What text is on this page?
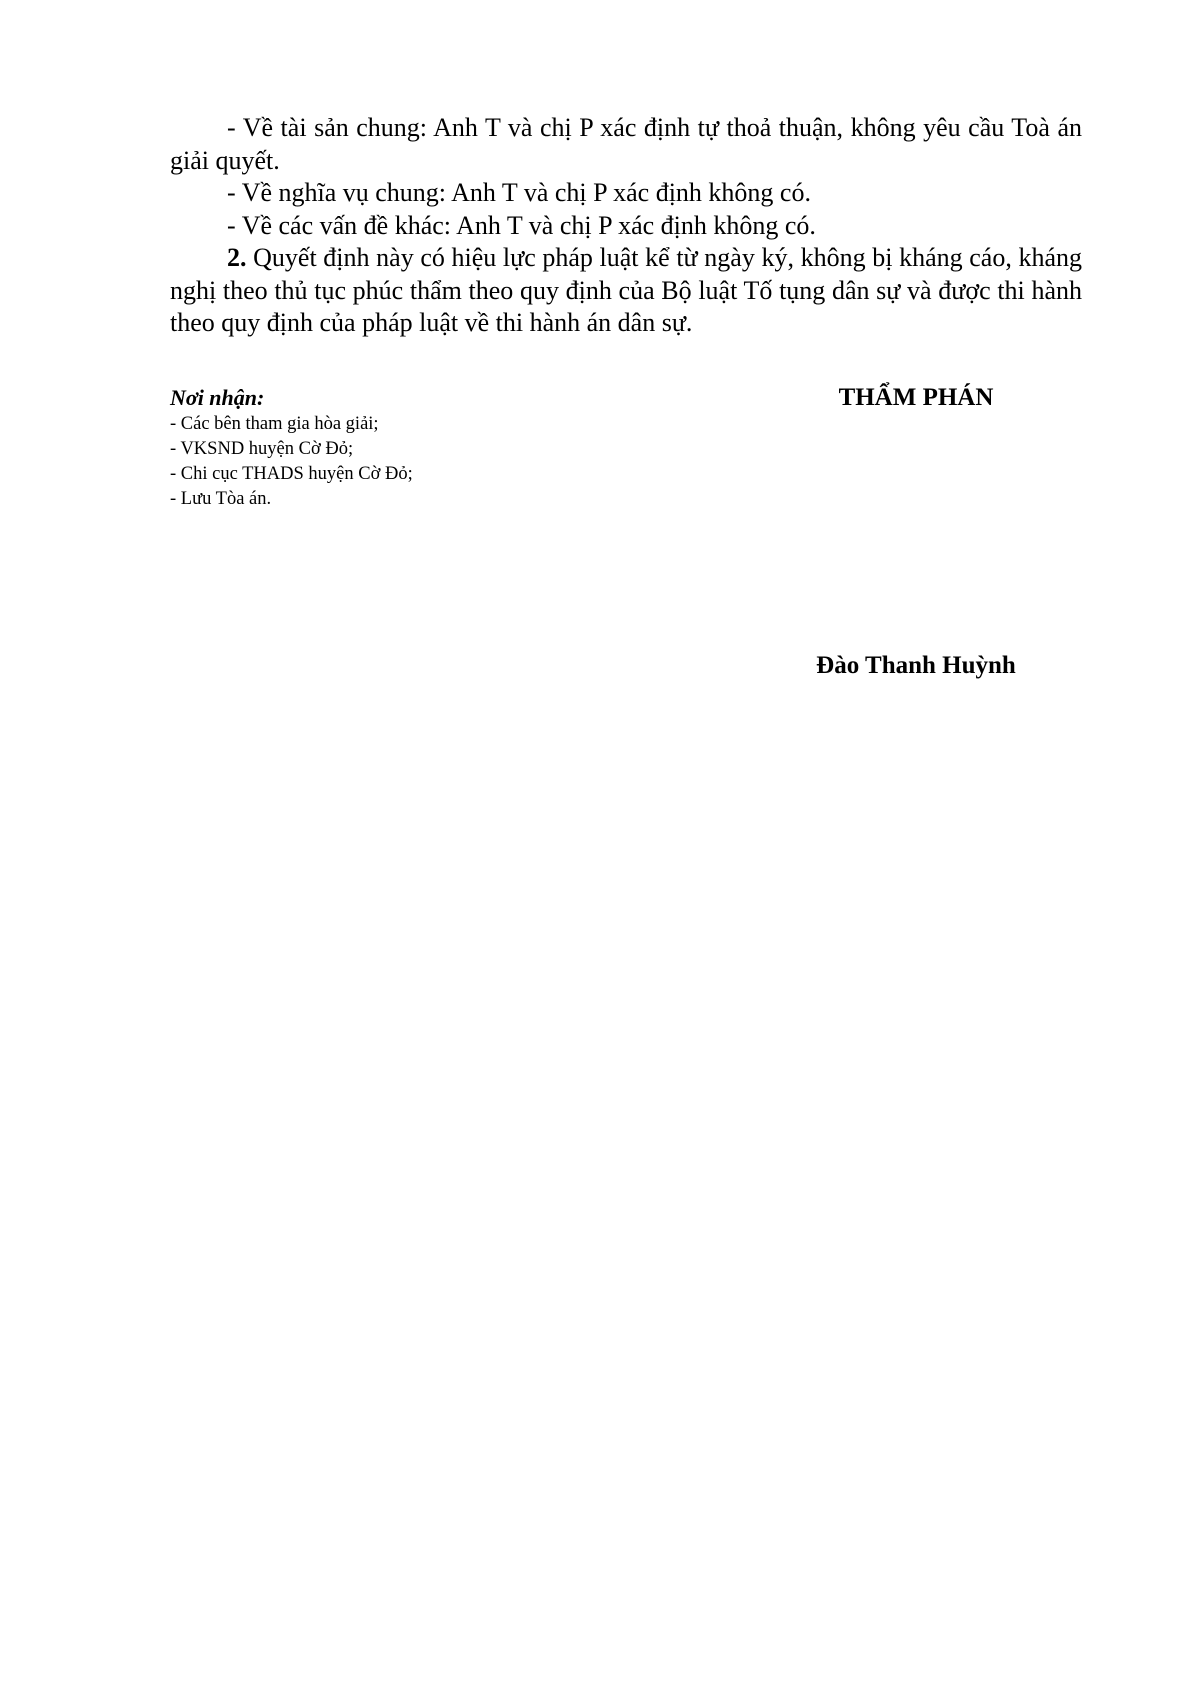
- Về tài sản chung: Anh T và chị P xác định tự thoả thuận, không yêu cầu Toà án giải quyết.

- Về nghĩa vụ chung: Anh T và chị P xác định không có.

- Về các vấn đề khác: Anh T và chị P xác định không có.

2. Quyết định này có hiệu lực pháp luật kể từ ngày ký, không bị kháng cáo, kháng nghị theo thủ tục phúc thẩm theo quy định của Bộ luật Tố tụng dân sự và được thi hành theo quy định của pháp luật về thi hành án dân sự.

Nơi nhận:

- Các bên tham gia hòa giải;
- VKSND huyện Cờ Đỏ;
- Chi cục THADS huyện Cờ Đỏ;
- Lưu Tòa án.

THẨM PHÁN

Đào Thanh Huỳnh
